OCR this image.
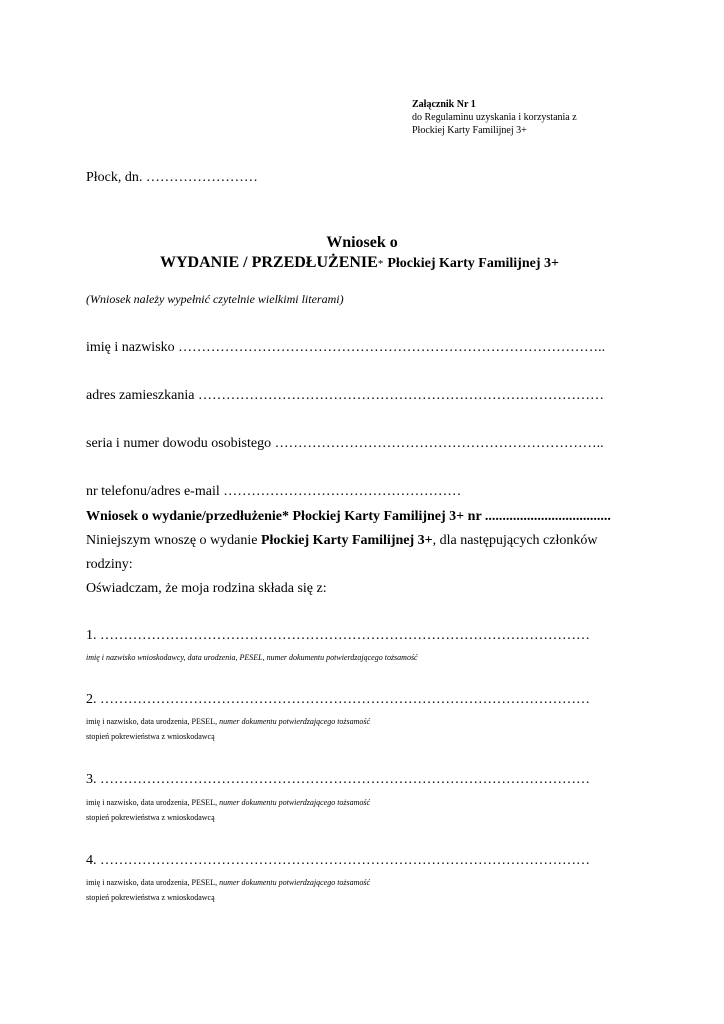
Załącznik Nr 1
do Regulaminu uzyskania i korzystania z
Płockiej Karty Familijnej 3+
Płock, dn. ……………………
Wniosek o
WYDANIE / PRZEDŁUŻENIE* Płockiej Karty Familijnej 3+
(Wniosek należy wypełnić czytelnie wielkimi literami)
imię i nazwisko ………………………………………………………………………………..
adres zamieszkania ……………………………………………………………………………
seria i numer dowodu osobistego ……………………………………………………………..
nr telefonu/adres e-mail ……………………………………………
Wniosek o wydanie/przedłużenie* Płockiej Karty Familijnej 3+ nr ....................................
Niniejszym wnoszę o wydanie Płockiej Karty Familijnej 3+, dla następujących członków rodziny:
Oświadczam, że moja rodzina składa się z:
1. ……………………………………………………………………………………………
imię i nazwisko wnioskodawcy, data urodzenia, PESEL, numer dokumentu potwierdzającego tożsamość
2. ……………………………………………………………………………………………
imię i nazwisko, data urodzenia, PESEL, numer dokumentu potwierdzającego tożsamość
stopień pokrewieństwa z wnioskodawcą
3. ……………………………………………………………………………………………
imię i nazwisko, data urodzenia, PESEL, numer dokumentu potwierdzającego tożsamość
stopień pokrewieństwa z wnioskodawcą
4. ……………………………………………………………………………………………
imię i nazwisko, data urodzenia, PESEL, numer dokumentu potwierdzającego tożsamość
stopień pokrewieństwa z wnioskodawcą
